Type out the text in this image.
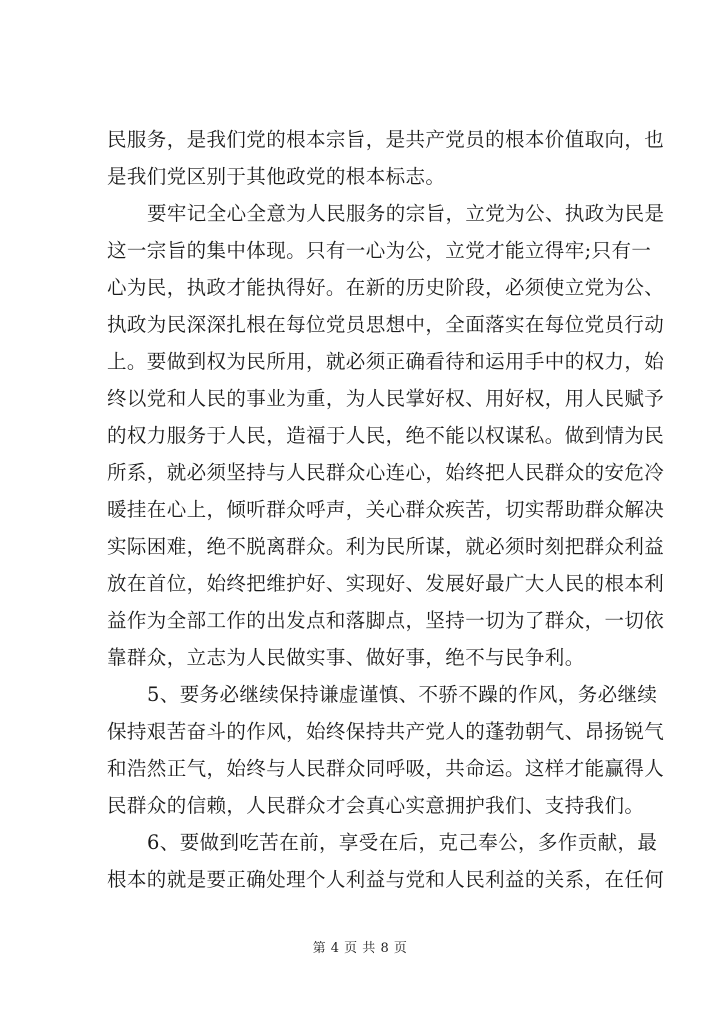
民服务，是我们党的根本宗旨，是共产党员的根本价值取向，也
是我们党区别于其他政党的根本标志。
要牢记全心全意为人民服务的宗旨，立党为公、执政为民是
这一宗旨的集中体现。只有一心为公，立党才能立得牢;只有一
心为民，执政才能执得好。在新的历史阶段，必须使立党为公、
执政为民深深扎根在每位党员思想中，全面落实在每位党员行动
上。要做到权为民所用，就必须正确看待和运用手中的权力，始
终以党和人民的事业为重，为人民掌好权、用好权，用人民赋予
的权力服务于人民，造福于人民，绝不能以权谋私。做到情为民
所系，就必须坚持与人民群众心连心，始终把人民群众的安危冷
暖挂在心上，倾听群众呼声，关心群众疾苦，切实帮助群众解决
实际困难，绝不脱离群众。利为民所谋，就必须时刻把群众利益
放在首位，始终把维护好、实现好、发展好最广大人民的根本利
益作为全部工作的出发点和落脚点，坚持一切为了群众，一切依
靠群众，立志为人民做实事、做好事，绝不与民争利。
5、要务必继续保持谦虚谨慎、不骄不躁的作风，务必继续
保持艰苦奋斗的作风，始终保持共产党人的蓬勃朝气、昂扬锐气
和浩然正气，始终与人民群众同呼吸，共命运。这样才能赢得人
民群众的信赖，人民群众才会真心实意拥护我们、支持我们。
6、要做到吃苦在前，享受在后，克己奉公，多作贡献，最
根本的就是要正确处理个人利益与党和人民利益的关系，在任何
第 4 页 共 8 页
